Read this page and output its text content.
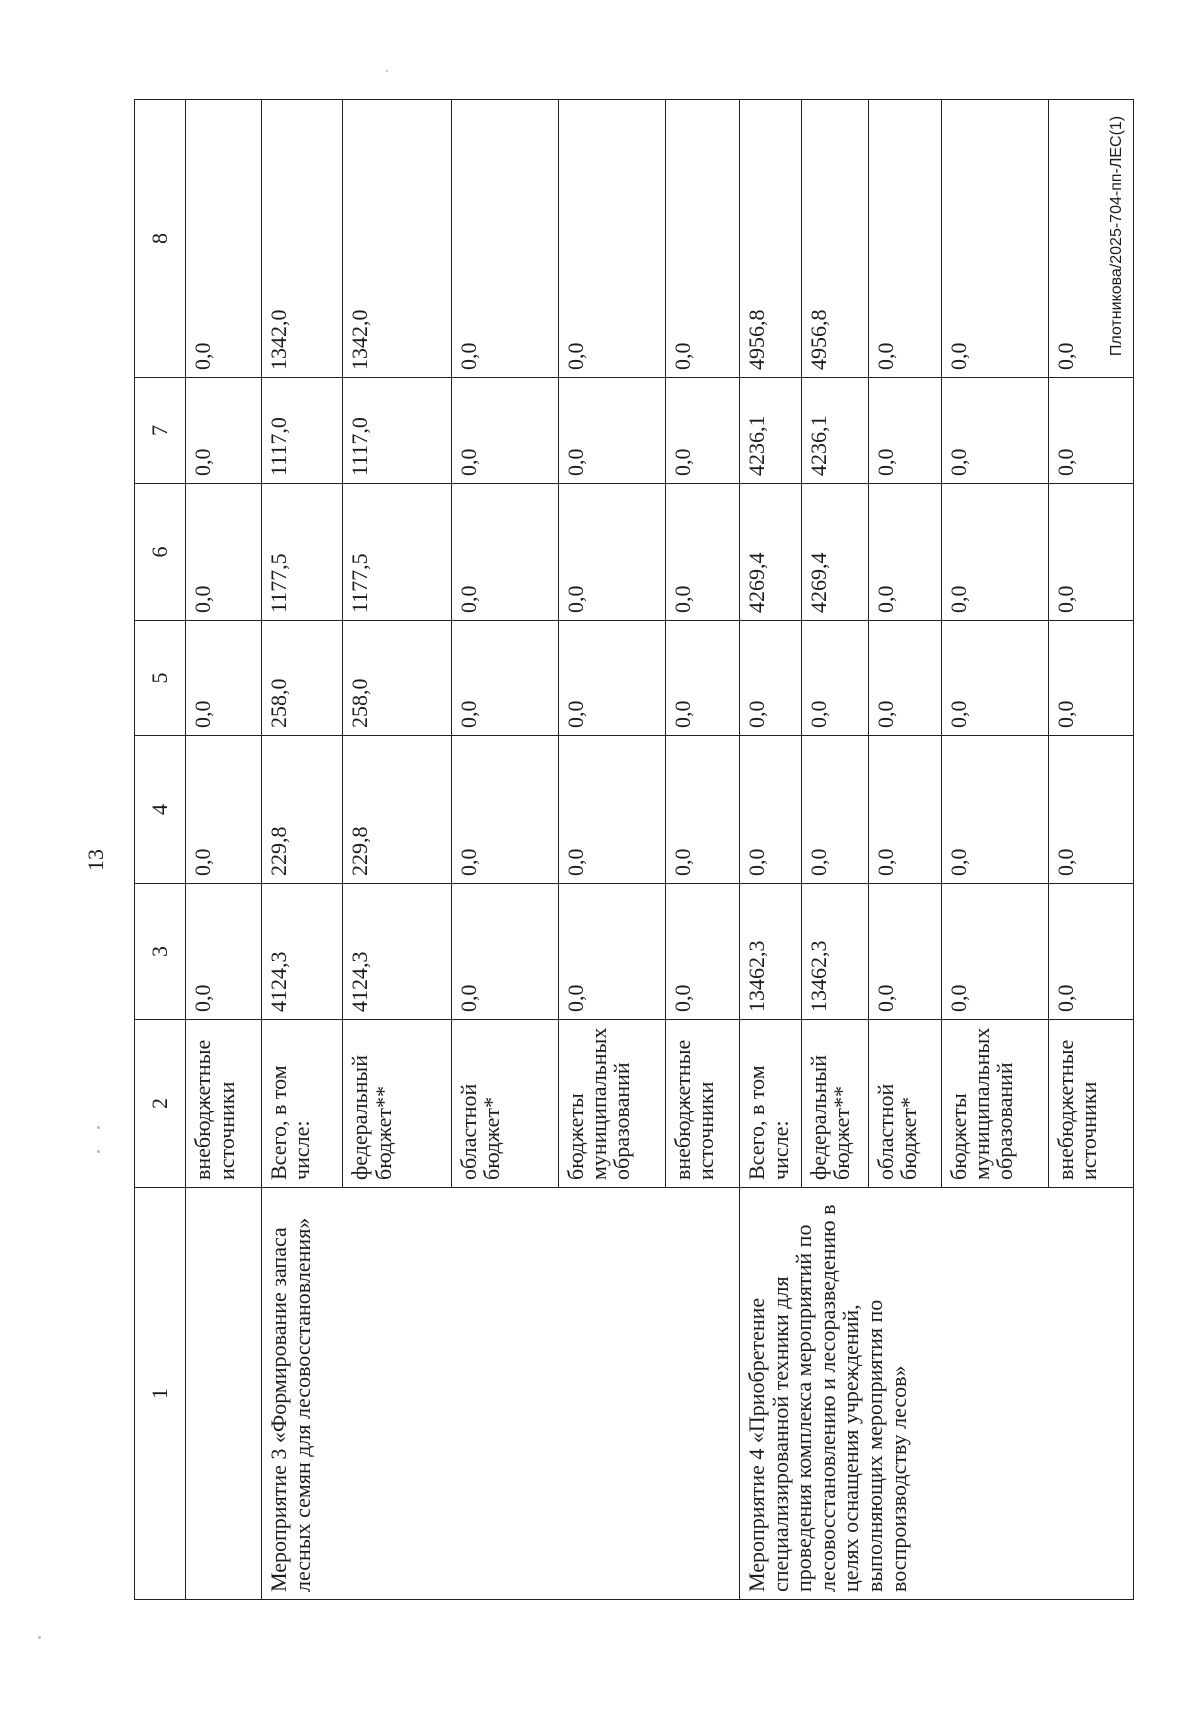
13
Плотникова/2025-704-пп-ЛЕС(1)
1	2	3	4	5	6	7	8
	внебюджетные источники	0,0	0,0	0,0	0,0	0,0	0,0
Мероприятие 3 «Формирование запаса лесных семян для лесовосстановления»	Всего, в том числе:	4124,3	229,8	258,0	1177,5	1117,0	1342,0
	федеральный бюджет**	4124,3	229,8	258,0	1177,5	1117,0	1342,0
	областной бюджет*	0,0	0,0	0,0	0,0	0,0	0,0
	бюджеты муниципальных образований	0,0	0,0	0,0	0,0	0,0	0,0
	внебюджетные источники	0,0	0,0	0,0	0,0	0,0	0,0
Мероприятие 4 «Приобретение специализированной техники для проведения комплекса мероприятий по лесовосстановлению и лесоразведению в целях оснащения учреждений, выполняющих мероприятия по воспроизводству лесов»	Всего, в том числе:	13462,3	0,0	0,0	4269,4	4236,1	4956,8
	федеральный бюджет**	13462,3	0,0	0,0	4269,4	4236,1	4956,8
	областной бюджет*	0,0	0,0	0,0	0,0	0,0	0,0
	бюджеты муниципальных образований	0,0	0,0	0,0	0,0	0,0	0,0
	внебюджетные источники	0,0	0,0	0,0	0,0	0,0	0,0
